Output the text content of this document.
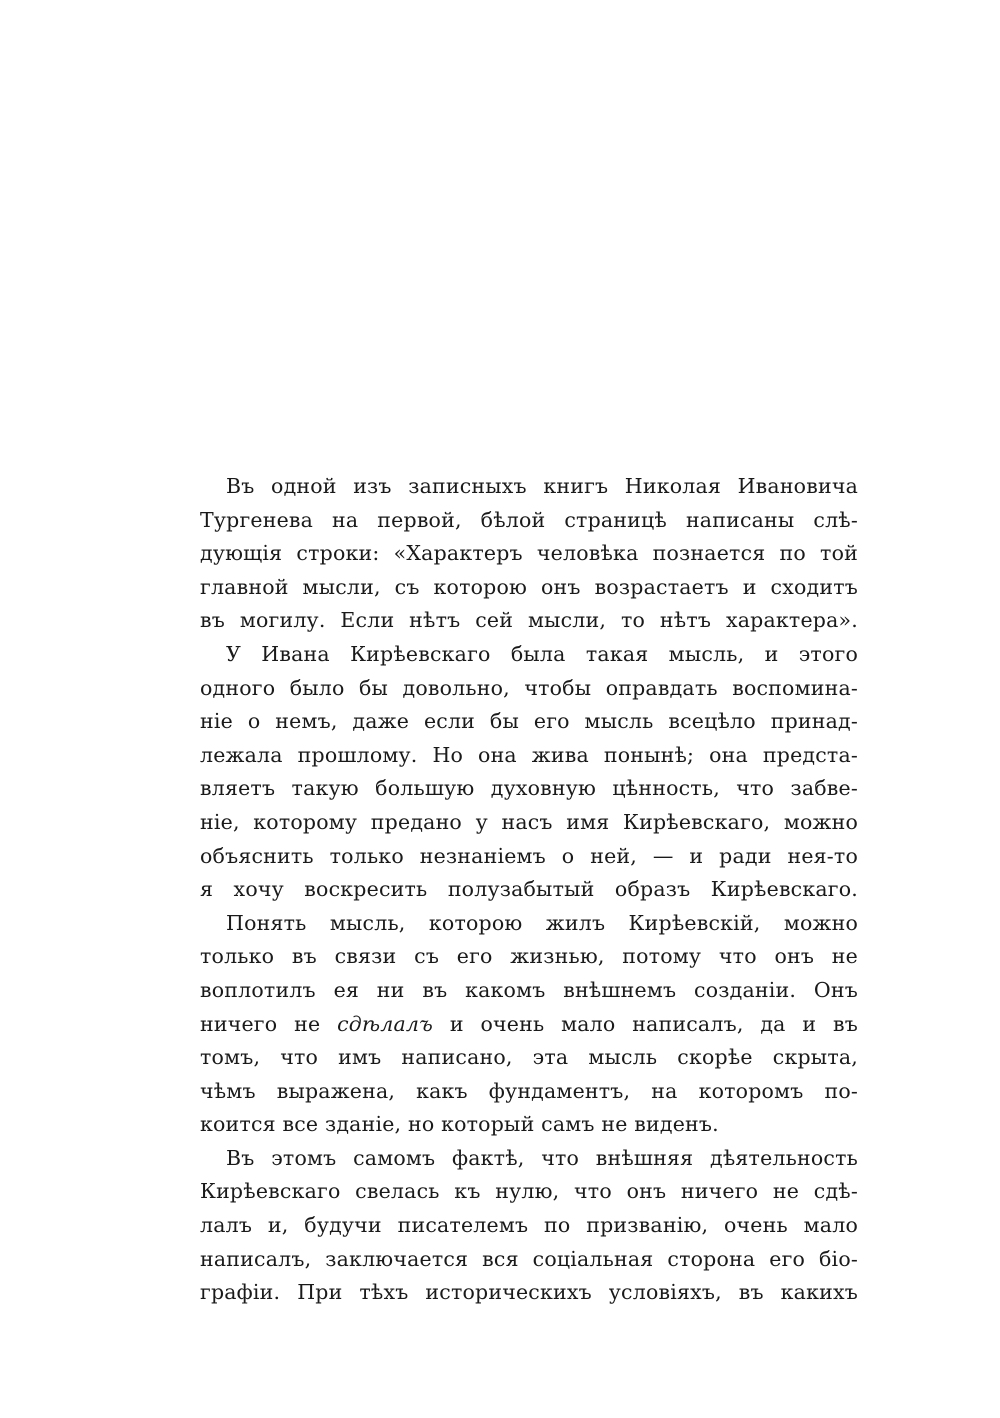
Въ одной изъ записныхъ книгъ Николая Ивановича
Тургенева на первой, бѣлой страницѣ написаны слѣ-
дующія строки: «Характеръ человѣка познается по той
главной мысли, съ которою онъ возрастаетъ и сходитъ
въ могилу. Если нѣтъ сей мысли, то нѣтъ характера».
У Ивана Кирѣевскаго была такая мысль, и этого
одного было бы довольно, чтобы оправдать воспомина-
ніе о немъ, даже если бы его мысль всецѣло принад-
лежала прошлому. Но она жива понынѣ; она предста-
вляетъ такую большую духовную цѣнность, что забве-
ніе, которому предано у насъ имя Кирѣевскаго, можно
объяснить только незнаніемъ о ней, — и ради нея-то
я хочу воскресить полузабытый образъ Кирѣевскаго.
Понять мысль, которою жилъ Кирѣевскій, можно
только въ связи съ его жизнью, потому что онъ не
воплотилъ ея ни въ какомъ внѣшнемъ созданіи. Онъ
ничего не сдѣлалъ и очень мало написалъ, да и въ
томъ, что имъ написано, эта мысль скорѣе скрыта,
чѣмъ выражена, какъ фундаментъ, на которомъ по-
коится все зданіе, но который самъ не виденъ.
Въ этомъ самомъ фактѣ, что внѣшняя дѣятельность
Кирѣевскаго свелась къ нулю, что онъ ничего не сдѣ-
лалъ и, будучи писателемъ по призванію, очень мало
написалъ, заключается вся соціальная сторона его біо-
графіи. При тѣхъ историческихъ условіяхъ, въ какихъ
